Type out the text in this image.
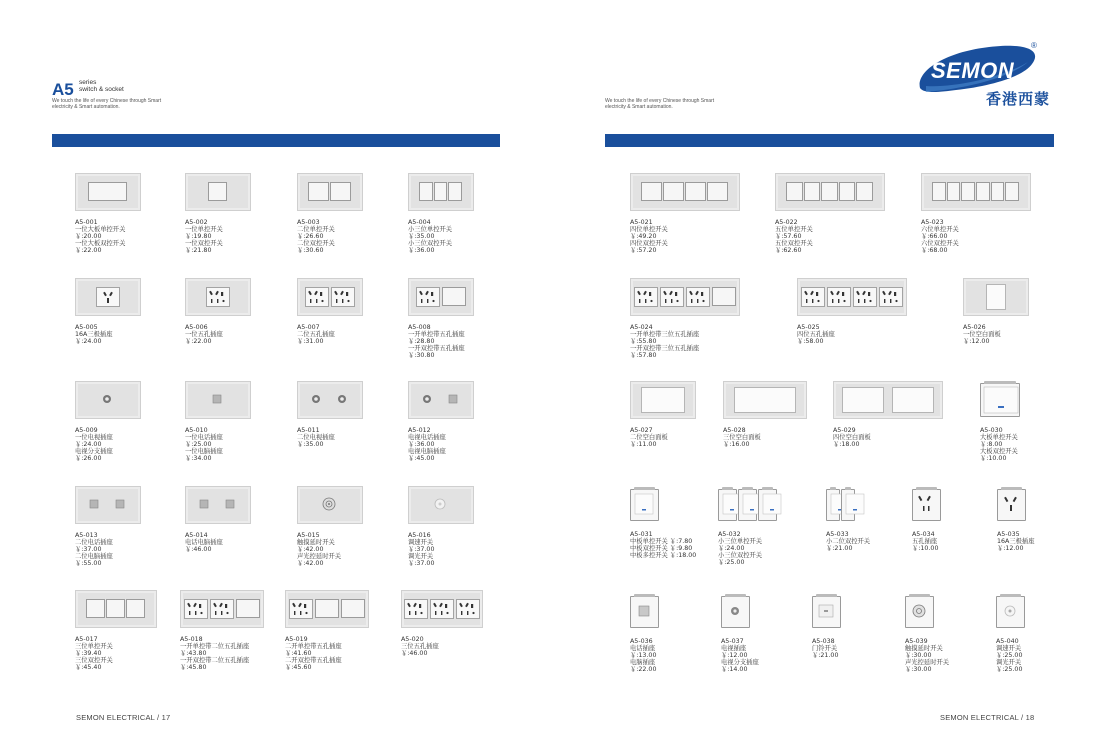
A5 series
switch & socket
We touch the life of every Chinese through Smart electricity & Smart automation.
SEMON ELECTRICAL / 17
We touch the life of every Chinese through Smart electricity & Smart automation.
SEMON ELECTRICAL / 18
SEMON
®
香港西蒙
A5-001
一位大板单控开关
￥:20.00
一位大板双控开关
￥:22.00
A5-002
一位单控开关
￥:19.80
一位双控开关
￥:21.80
A5-003
二位单控开关
￥:26.60
二位双控开关
￥:30.60
A5-004
小三位单控开关
￥:35.00
小三位双控开关
￥:36.00
A5-005
16A三极插座
￥:24.00
A5-006
一位五孔插座
￥:22.00
A5-007
二位五孔插座
￥:31.00
A5-008
一开单控带五孔插座
￥:28.80
一开双控带五孔插座
￥:30.80
A5-009
一位电视插座
￥:24.00
电视分支插座
￥:26.00
A5-010
一位电话插座
￥:25.00
一位电脑插座
￥:34.00
A5-011
二位电视插座
￥:35.00
A5-012
电视电话插座
￥:36.00
电视电脑插座
￥:45.00
A5-013
二位电话插座
￥:37.00
二位电脑插座
￥:55.00
A5-014
电话电脑插座
￥:46.00
A5-015
触摸延时开关
￥:42.00
声光控延时开关
￥:42.00
A5-016
调速开关
￥:37.00
调光开关
￥:37.00
A5-017
三位单控开关
￥:39.40
三位双控开关
￥:45.40
A5-018
一开单控带二位五孔插座
￥:43.80
一开双控带二位五孔插座
￥:45.80
A5-019
二开单控带五孔插座
￥:41.60
二开双控带五孔插座
￥:45.60
A5-020
三位五孔插座
￥:46.00
A5-021
四位单控开关
￥:49.20
四位双控开关
￥:57.20
A5-022
五位单控开关
￥:57.60
五位双控开关
￥:62.60
A5-023
六位单控开关
￥:66.00
六位双控开关
￥:68.00
A5-024
一开单控带三位五孔插座
￥:55.80
一开双控带三位五孔插座
￥:57.80
A5-025
四位五孔插座
￥:58.00
A5-026
一位空白面板
￥:12.00
A5-027
二位空白面板
￥:11.00
A5-028
三位空白面板
￥:16.00
A5-029
四位空白面板
￥:18.00
A5-030
大板单控开关
￥:8.00
大板双控开关
￥:10.00
A5-031
中板单控开关 ￥:7.80
中板双控开关 ￥:9.80
中板多控开关 ￥:18.00
A5-032
小三位单控开关
￥:24.00
小三位双控开关
￥:25.00
A5-033
小二位双控开关
￥:21.00
A5-034
五孔插座
￥:10.00
A5-035
16A三极插座
￥:12.00
A5-036
电话插座
￥:13.00
电脑插座
￥:22.00
A5-037
电视插座
￥:12.00
电视分支插座
￥:14.00
A5-038
门铃开关
￥:21.00
A5-039
触摸延时开关
￥:30.00
声光控延时开关
￥:30.00
A5-040
调速开关
￥:25.00
调光开关
￥:25.00
